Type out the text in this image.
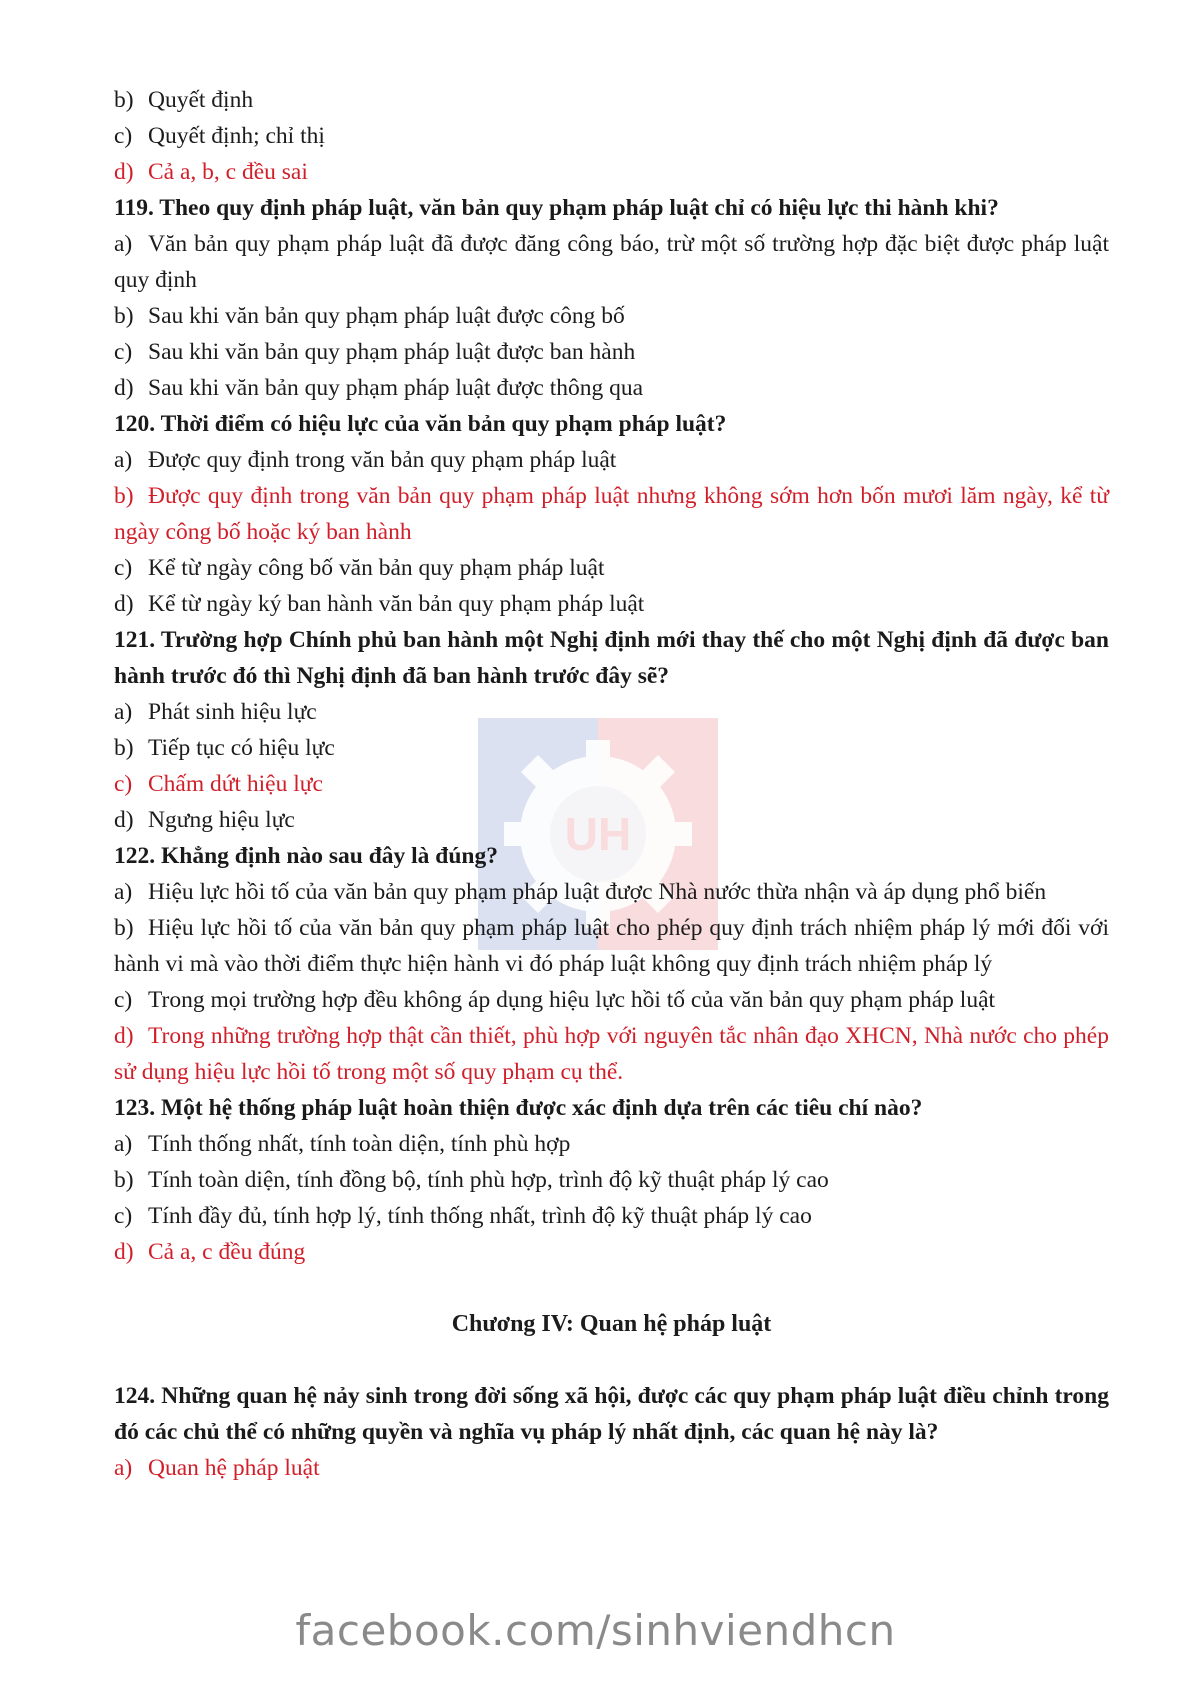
UH

b) Quyết định

c) Quyết định; chỉ thị

d) Cả a, b, c đều sai

119. Theo quy định pháp luật, văn bản quy phạm pháp luật chỉ có hiệu lực thi hành khi?

a) Văn bản quy phạm pháp luật đã được đăng công báo, trừ một số trường hợp đặc biệt được pháp luật quy định

b) Sau khi văn bản quy phạm pháp luật được công bố

c) Sau khi văn bản quy phạm pháp luật được ban hành

d) Sau khi văn bản quy phạm pháp luật được thông qua

120. Thời điểm có hiệu lực của văn bản quy phạm pháp luật?

a) Được quy định trong văn bản quy phạm pháp luật

b) Được quy định trong văn bản quy phạm pháp luật nhưng không sớm hơn bốn mươi lăm ngày, kể từ ngày công bố hoặc ký ban hành

c) Kể từ ngày công bố văn bản quy phạm pháp luật

d) Kể từ ngày ký ban hành văn bản quy phạm pháp luật

121. Trường hợp Chính phủ ban hành một Nghị định mới thay thế cho một Nghị định đã được ban hành trước đó thì Nghị định đã ban hành trước đây sẽ?

a) Phát sinh hiệu lực

b) Tiếp tục có hiệu lực

c) Chấm dứt hiệu lực

d) Ngưng hiệu lực

122. Khẳng định nào sau đây là đúng?

a) Hiệu lực hồi tố của văn bản quy phạm pháp luật được Nhà nước thừa nhận và áp dụng phổ biến

b) Hiệu lực hồi tố của văn bản quy phạm pháp luật cho phép quy định trách nhiệm pháp lý mới đối với hành vi mà vào thời điểm thực hiện hành vi đó pháp luật không quy định trách nhiệm pháp lý

c) Trong mọi trường hợp đều không áp dụng hiệu lực hồi tố của văn bản quy phạm pháp luật

d) Trong những trường hợp thật cần thiết, phù hợp với nguyên tắc nhân đạo XHCN, Nhà nước cho phép sử dụng hiệu lực hồi tố trong một số quy phạm cụ thể.

123. Một hệ thống pháp luật hoàn thiện được xác định dựa trên các tiêu chí nào?

a) Tính thống nhất, tính toàn diện, tính phù hợp

b) Tính toàn diện, tính đồng bộ, tính phù hợp, trình độ kỹ thuật pháp lý cao

c) Tính đầy đủ, tính hợp lý, tính thống nhất, trình độ kỹ thuật pháp lý cao

d) Cả a, c đều đúng

Chương IV: Quan hệ pháp luật

124. Những quan hệ nảy sinh trong đời sống xã hội, được các quy phạm pháp luật điều chỉnh trong đó các chủ thể có những quyền và nghĩa vụ pháp lý nhất định, các quan hệ này là?

a) Quan hệ pháp luật

facebook.com/sinhviendhcn
